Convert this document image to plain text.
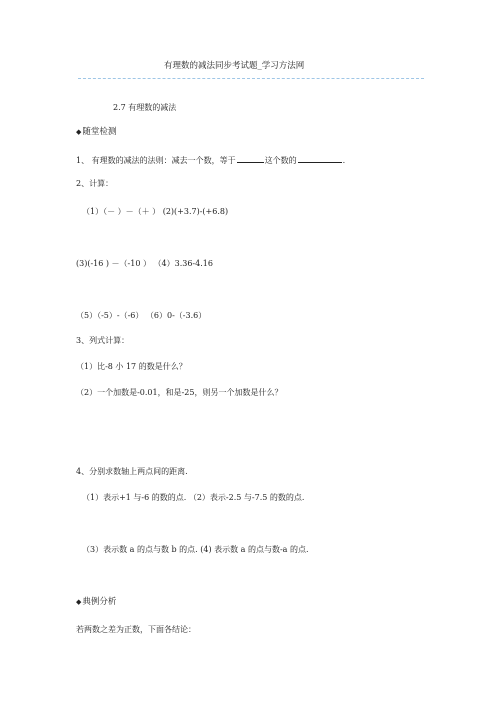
有理数的减法同步考试题_学习方法网
2.7 有理数的减法
◆随堂检测
1、 有理数的减法的法则：减去一个数，等于	这个数的	.
2、计算：
（1）（－ ）－（＋ ） (2)(+3.7)-(+6.8)
(3)(-16 ) －（-10 ） （4）3.36-4.16
（5）（-5）-（-6） （6）0-（-3.6）
3、列式计算：
（1）比-8 小 17 的数是什么？
（2）一个加数是-0.01，和是-25，则另一个加数是什么？
4、分别求数轴上两点间的距离.
（1）表示+1 与-6 的数的点. （2）表示-2.5 与-7.5 的数的点.
（3）表示数 a 的点与数 b 的点. (4) 表示数 a 的点与数-a 的点.
◆典例分析
若两数之差为正数，下面各结论：
